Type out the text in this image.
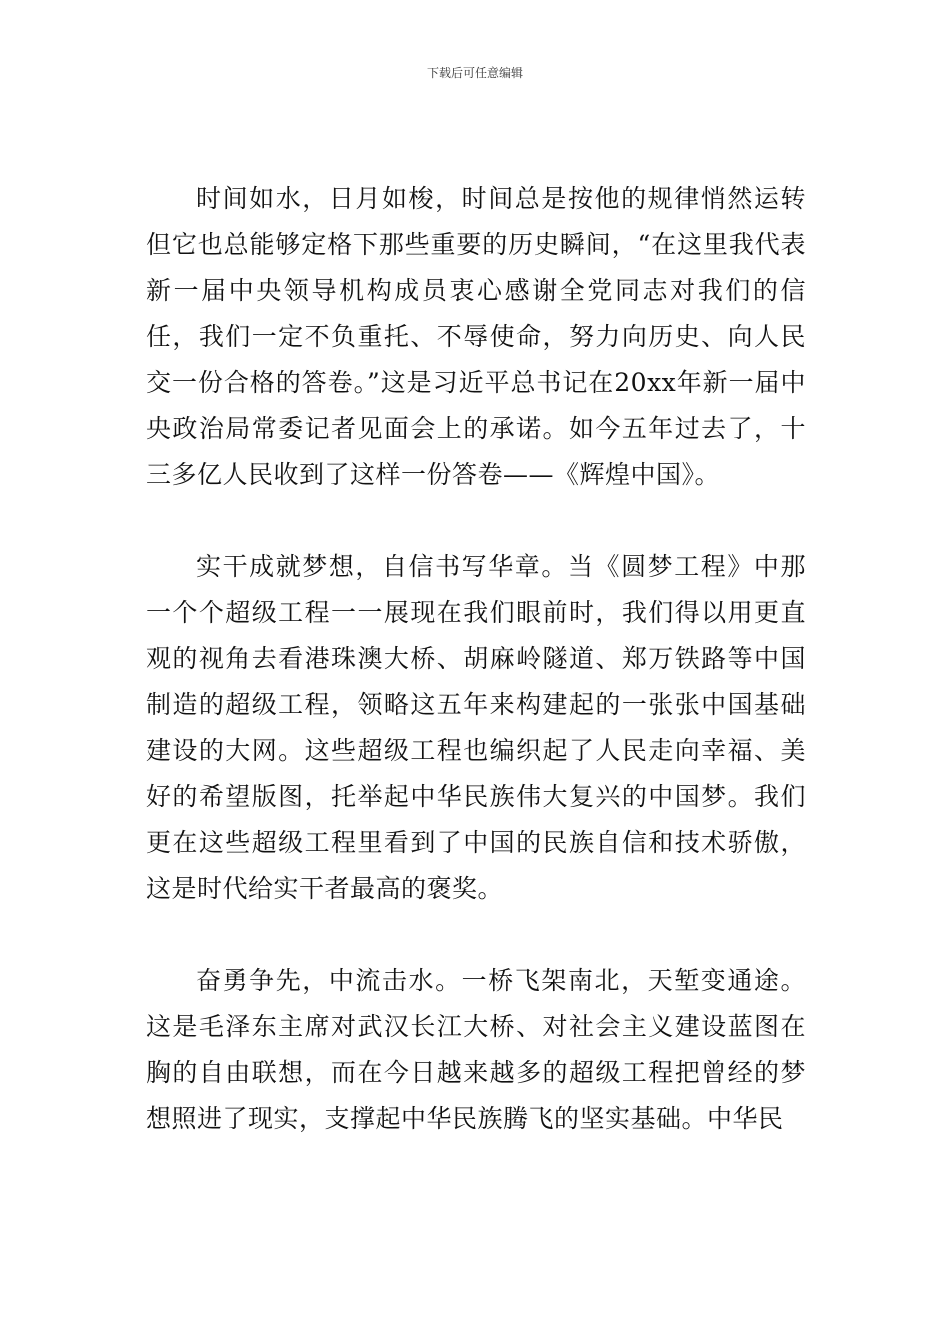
下载后可任意编辑

时间如水，日月如梭，时间总是按他的规律悄然运转但它也总能够定格下那些重要的历史瞬间，“在这里我代表新一届中央领导机构成员衷心感谢全党同志对我们的信任，我们一定不负重托、不辱使命，努力向历史、向人民交一份合格的答卷。”这是习近平总书记在20xx年新一届中央政治局常委记者见面会上的承诺。如今五年过去了，十三多亿人民收到了这样一份答卷——《辉煌中国》。

实干成就梦想，自信书写华章。当《圆梦工程》中那一个个超级工程一一展现在我们眼前时，我们得以用更直观的视角去看港珠澳大桥、胡麻岭隧道、郑万铁路等中国制造的超级工程，领略这五年来构建起的一张张中国基础建设的大网。这些超级工程也编织起了人民走向幸福、美好的希望版图，托举起中华民族伟大复兴的中国梦。我们更在这些超级工程里看到了中国的民族自信和技术骄傲，这是时代给实干者最高的褒奖。

奋勇争先，中流击水。一桥飞架南北，天堑变通途。这是毛泽东主席对武汉长江大桥、对社会主义建设蓝图在胸的自由联想，而在今日越来越多的超级工程把曾经的梦想照进了现实，支撑起中华民族腾飞的坚实基础。中华民
